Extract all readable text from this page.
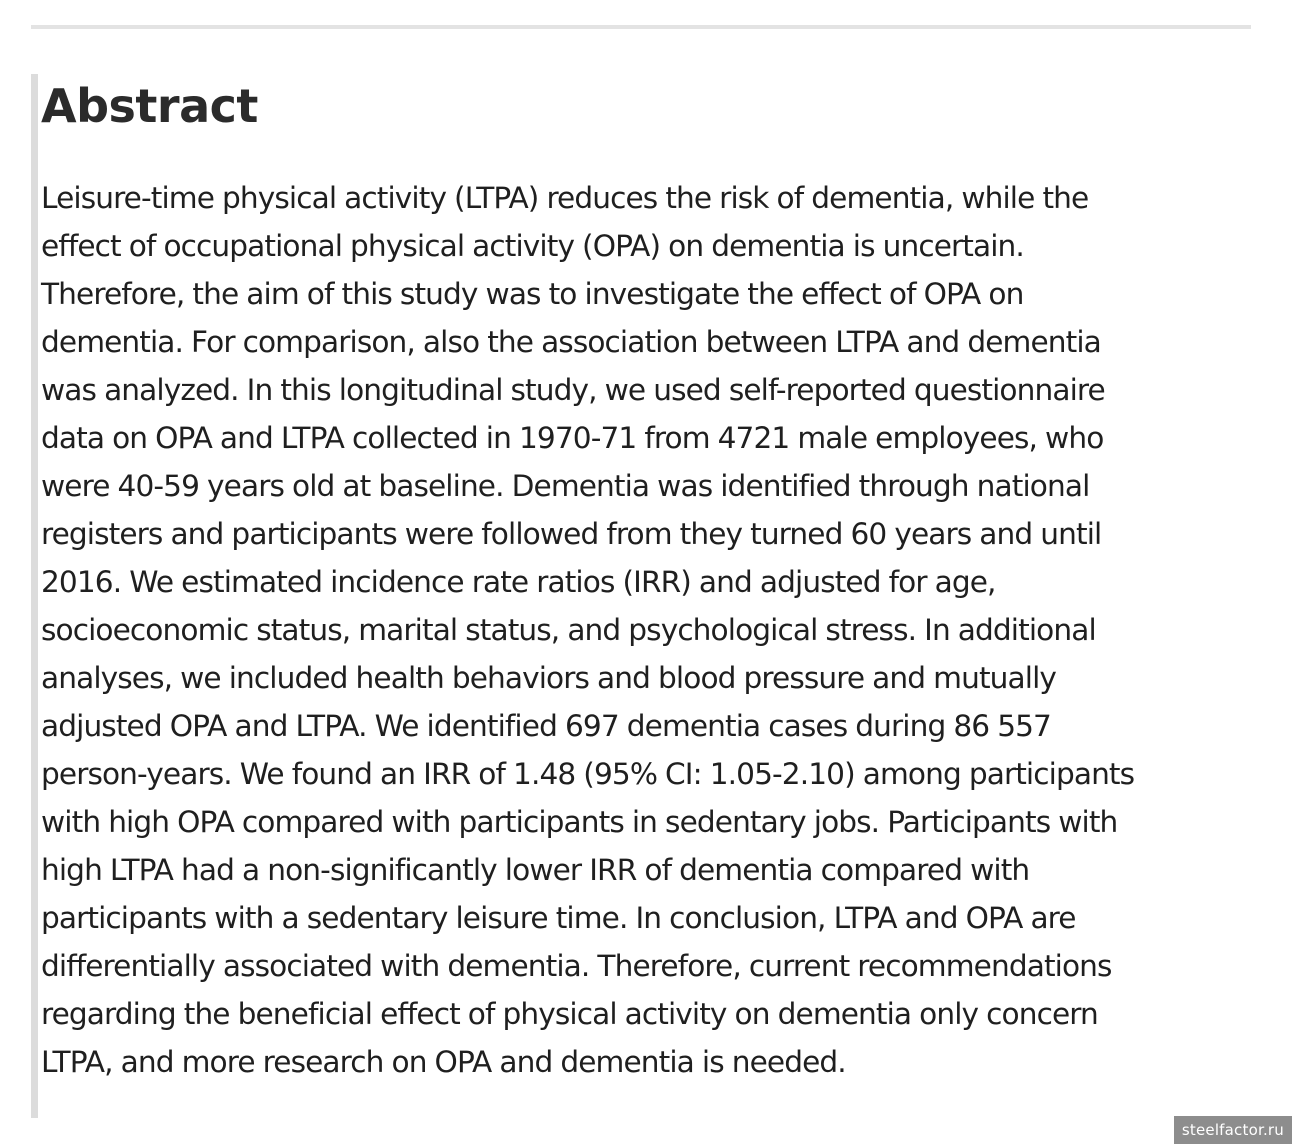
Abstract

Leisure-time physical activity (LTPA) reduces the risk of dementia, while the
effect of occupational physical activity (OPA) on dementia is uncertain.
Therefore, the aim of this study was to investigate the effect of OPA on
dementia. For comparison, also the association between LTPA and dementia
was analyzed. In this longitudinal study, we used self-reported questionnaire
data on OPA and LTPA collected in 1970-71 from 4721 male employees, who
were 40-59 years old at baseline. Dementia was identified through national
registers and participants were followed from they turned 60 years and until
2016. We estimated incidence rate ratios (IRR) and adjusted for age,
socioeconomic status, marital status, and psychological stress. In additional
analyses, we included health behaviors and blood pressure and mutually
adjusted OPA and LTPA. We identified 697 dementia cases during 86 557
person-years. We found an IRR of 1.48 (95% CI: 1.05-2.10) among participants
with high OPA compared with participants in sedentary jobs. Participants with
high LTPA had a non-significantly lower IRR of dementia compared with
participants with a sedentary leisure time. In conclusion, LTPA and OPA are
differentially associated with dementia. Therefore, current recommendations
regarding the beneficial effect of physical activity on dementia only concern
LTPA, and more research on OPA and dementia is needed.

steelfactor.ru
